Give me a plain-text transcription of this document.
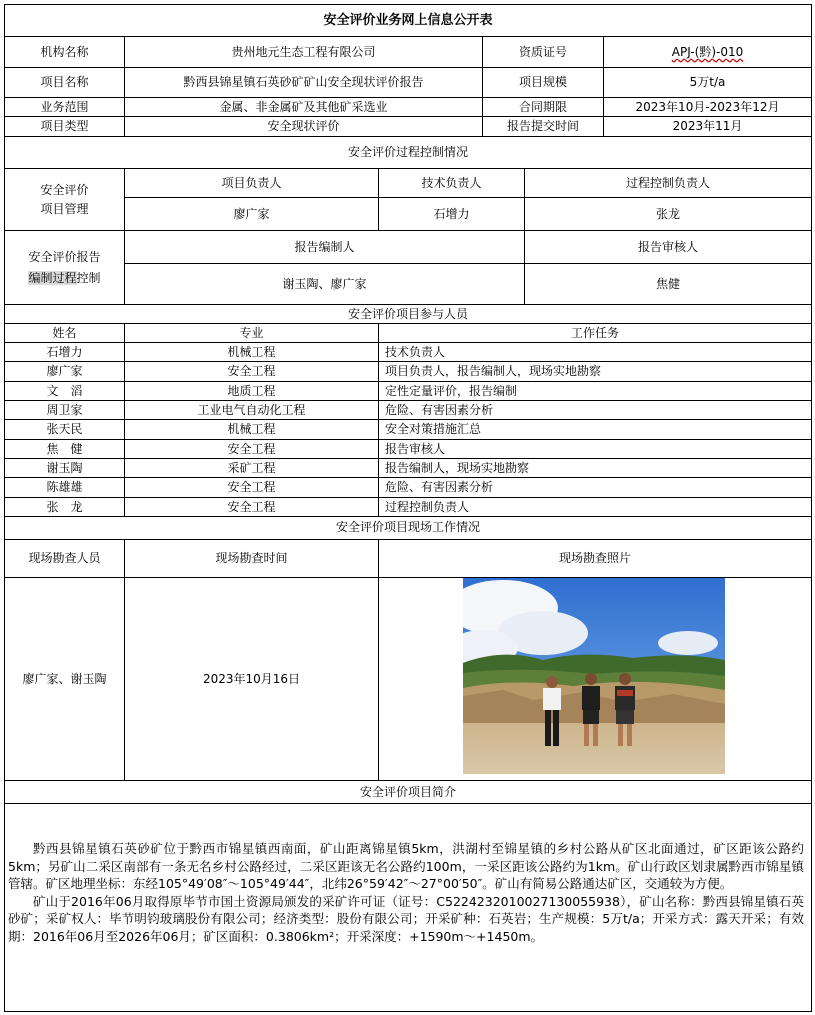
安全评价业务网上信息公开表
机构名称	贵州地元生态工程有限公司	资质证号	APJ-(黔)-010
项目名称	黔西县锦星镇石英砂矿矿山安全现状评价报告	项目规模	5万t/a
业务范围	金属、非金属矿及其他矿采选业	合同期限	2023年10月-2023年12月
项目类型	安全现状评价	报告提交时间	2023年11月
安全评价过程控制情况
安全评价
项目管理
项目负责人	技术负责人	过程控制负责人
廖广家	石增力	张龙
安全评价报告
编制过程控制
报告编制人	报告审核人
谢玉陶、廖广家	焦健
安全评价项目参与人员
姓名	专业	工作任务
石增力	机械工程	技术负责人
廖广家	安全工程	项目负责人，报告编制人，现场实地勘察
文　滔	地质工程	定性定量评价，报告编制
周卫家	工业电气自动化工程	危险、有害因素分析
张天民	机械工程	安全对策措施汇总
焦　健	安全工程	报告审核人
谢玉陶	采矿工程	报告编制人，现场实地勘察
陈雄雄	安全工程	危险、有害因素分析
张　龙	安全工程	过程控制负责人
安全评价项目现场工作情况
现场勘查人员	现场勘查时间	现场勘查照片
廖广家、谢玉陶	2023年10月16日
安全评价项目简介

黔西县锦星镇石英砂矿位于黔西市锦星镇西南面，矿山距离锦星镇5km，洪湖村至锦星镇的乡村公路从矿区北面通过，矿区距该公路约5km；另矿山二采区南部有一条无名乡村公路经过，二采区距该无名公路约100m，一采区距该公路约为1km。矿山行政区划隶属黔西市锦星镇管辖。矿区地理坐标：东经105°49′08″～105°49′44″，北纬26°59′42″～27°00′50″。矿山有简易公路通达矿区，交通较为方便。

矿山于2016年06月取得原毕节市国土资源局颁发的采矿许可证（证号：C5224232010027130055938），矿山名称：黔西县锦星镇石英砂矿；采矿权人：毕节明钧玻璃股份有限公司；经济类型：股份有限公司；开采矿种：石英岩；生产规模：5万t/a；开采方式：露天开采；有效期：2016年06月至2026年06月；矿区面积：0.3806km²；开采深度：+1590m～+1450m。
